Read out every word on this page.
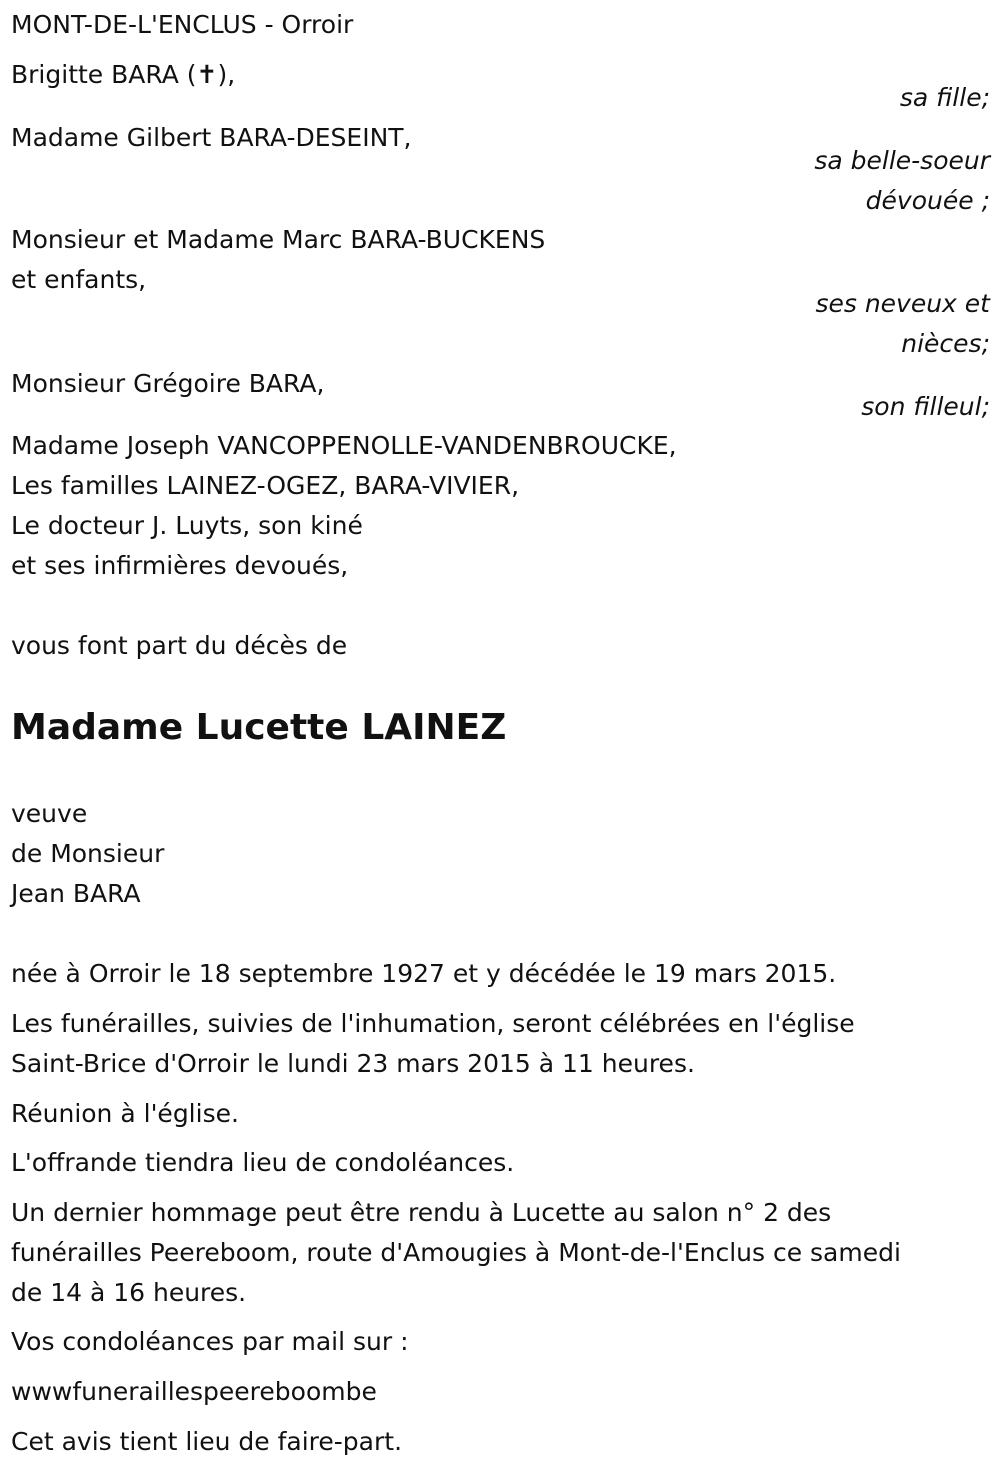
MONT-DE-L'ENCLUS - Orroir
Brigitte BARA (✝),
sa fille;
Madame Gilbert BARA-DESEINT,
sa belle-soeur
dévouée ;
Monsieur et Madame Marc BARA-BUCKENS
et enfants,
ses neveux et
nièces;
Monsieur Grégoire BARA,
son filleul;
Madame Joseph VANCOPPENOLLE-VANDENBROUCKE,
Les familles LAINEZ-OGEZ, BARA-VIVIER,
Le docteur J. Luyts, son kiné
et ses infirmières devoués,
vous font part du décès de
Madame Lucette LAINEZ
veuve
de Monsieur
Jean BARA
née à Orroir le 18 septembre 1927 et y décédée le 19 mars 2015.
Les funérailles, suivies de l'inhumation, seront célébrées en l'église
Saint-Brice d'Orroir le lundi 23 mars 2015 à 11 heures.
Réunion à l'église.
L'offrande tiendra lieu de condoléances.
Un dernier hommage peut être rendu à Lucette au salon n° 2 des
funérailles Peereboom, route d'Amougies à Mont-de-l'Enclus ce samedi
de 14 à 16 heures.
Vos condoléances par mail sur :
wwwfuneraillespeereboombe
Cet avis tient lieu de faire-part.
